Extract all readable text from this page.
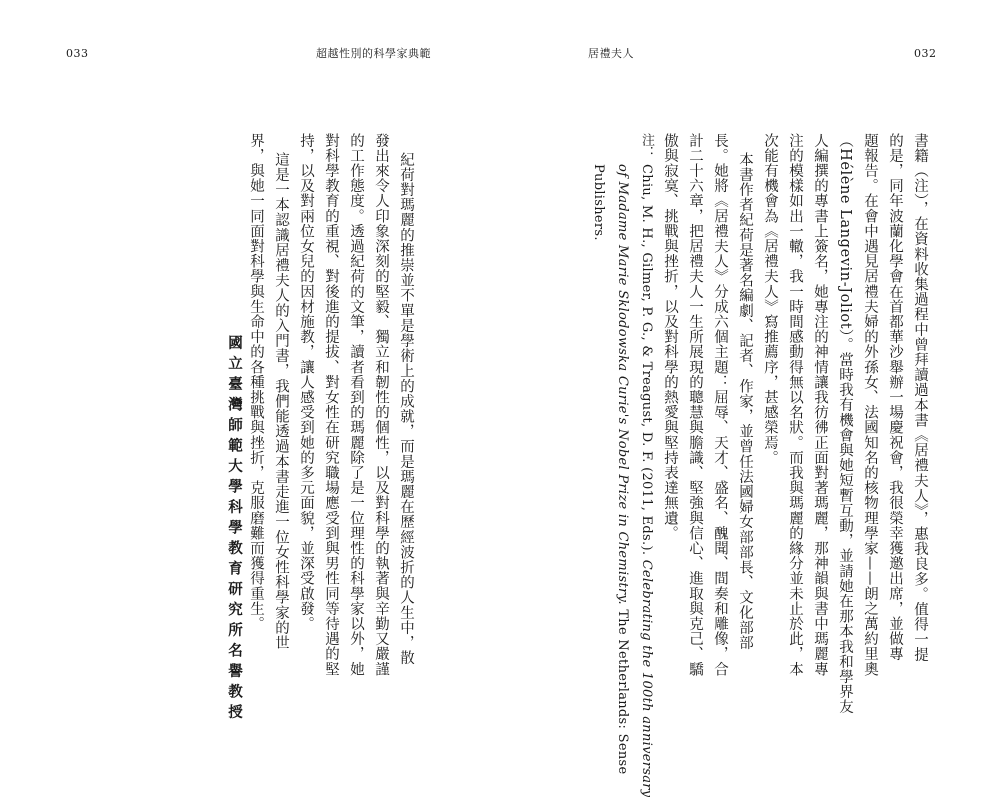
033	超越性別的科學家典範	居禮夫人	032
書籍（注），在資料收集過程中曾拜讀過本書《居禮夫人》，惠我良多。值得一提
的是，同年波蘭化學會在首都華沙舉辦一場慶祝會，我很榮幸獲邀出席，並做專
題報告。在會中遇見居禮夫婦的外孫女、法國知名的核物理學家——朗之萬約里奧
（Hélène Langevin-Joliot）。當時我有機會與她短暫互動，並請她在那本我和學界友
人編撰的專書上簽名，她專注的神情讓我彷彿正面對著瑪麗，那神韻與書中瑪麗專
注的模樣如出一轍，我一時間感動得無以名狀。而我與瑪麗的緣分並未止於此，本
次能有機會為《居禮夫人》寫推薦序，甚感榮焉。
本書作者紀荷是著名編劇、記者、作家，並曾任法國婦女部部長、文化部部
長。她將《居禮夫人》分成六個主題：屈辱、天才、盛名、醜聞、間奏和雕像，合
計二十六章，把居禮夫人一生所展現的聰慧與膽識、堅強與信心、進取與克己、驕
傲與寂寞、挑戰與挫折，以及對科學的熱愛與堅持表達無遺。
注： Chiu, M. H., Gilmer, P. G., & Treagust, D. F. (2011, Eds.). Celebrating the 100th anniversary
of Madame Marie Sklodowska Curie's Nobel Prize in Chemistry. The Netherlands: Sense
Publishers.
紀荷對瑪麗的推崇並不單是學術上的成就，而是瑪麗在歷經波折的人生中，散
發出來令人印象深刻的堅毅、獨立和韌性的個性，以及對科學的執著與辛勤又嚴謹
的工作態度。透過紀荷的文筆，讀者看到的瑪麗除了是一位理性的科學家以外，她
對科學教育的重視、對後進的提拔、對女性在研究職場應受到與男性同等待遇的堅
持，以及對兩位女兒的因材施教，讓人感受到她的多元面貌，並深受啟發。
這是一本認識居禮夫人的入門書，我們能透過本書走進一位女性科學家的世
界，與她一同面對科學與生命中的各種挑戰與挫折，克服磨難而獲得重生。
國立臺灣師範大學科學教育研究所名譽教授
